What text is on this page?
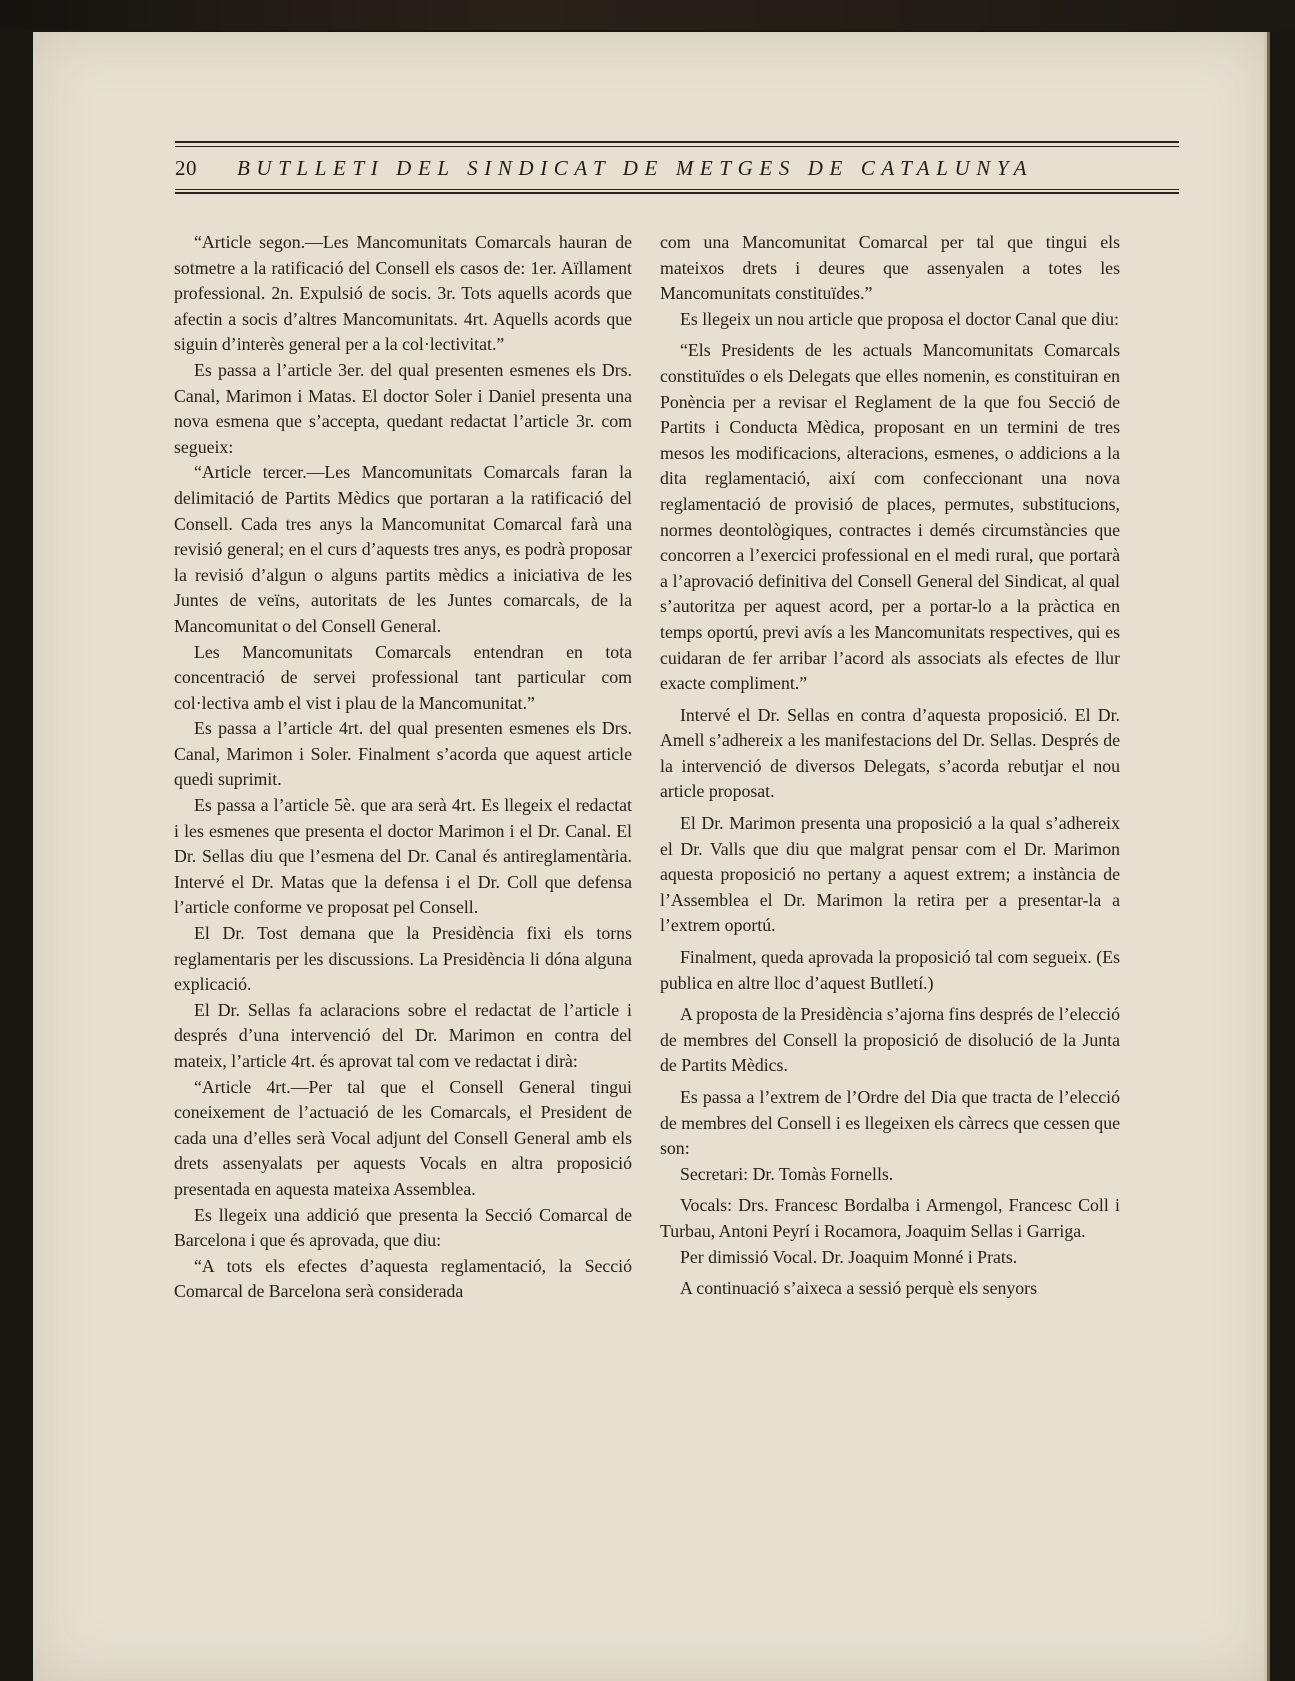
20	BUTLLETI DEL SINDICAT DE METGES DE CATALUNYA

“Article segon.—Les Mancomunitats Comarcals hauran de sotmetre a la ratificació del Consell els casos de: 1er. Aïllament professional. 2n. Expulsió de socis. 3r. Tots aquells acords que afectin a socis d’altres Mancomunitats. 4rt. Aquells acords que siguin d’interès general per a la col·lectivitat.”

Es passa a l’article 3er. del qual presenten esmenes els Drs. Canal, Marimon i Matas. El doctor Soler i Daniel presenta una nova esmena que s’accepta, quedant redactat l’article 3r. com segueix:

“Article tercer.—Les Mancomunitats Comarcals faran la delimitació de Partits Mèdics que portaran a la ratificació del Consell. Cada tres anys la Mancomunitat Comarcal farà una revisió general; en el curs d’aquests tres anys, es podrà proposar la revisió d’algun o alguns partits mèdics a iniciativa de les Juntes de veïns, autoritats de les Juntes comarcals, de la Mancomunitat o del Consell General.

Les Mancomunitats Comarcals entendran en tota concentració de servei professional tant particular com col·lectiva amb el vist i plau de la Mancomunitat.”

Es passa a l’article 4rt. del qual presenten esmenes els Drs. Canal, Marimon i Soler. Finalment s’acorda que aquest article quedi suprimit.

Es passa a l’article 5è. que ara serà 4rt. Es llegeix el redactat i les esmenes que presenta el doctor Marimon i el Dr. Canal. El Dr. Sellas diu que l’esmena del Dr. Canal és antireglamentària. Intervé el Dr. Matas que la defensa i el Dr. Coll que defensa l’article conforme ve proposat pel Consell.

El Dr. Tost demana que la Presidència fixi els torns reglamentaris per les discussions. La Presidència li dóna alguna explicació.

El Dr. Sellas fa aclaracions sobre el redactat de l’article i després d’una intervenció del Dr. Marimon en contra del mateix, l’article 4rt. és aprovat tal com ve redactat i dirà:

“Article 4rt.—Per tal que el Consell General tingui coneixement de l’actuació de les Comarcals, el President de cada una d’elles serà Vocal adjunt del Consell General amb els drets assenyalats per aquests Vocals en altra proposició presentada en aquesta mateixa Assemblea.

Es llegeix una addició que presenta la Secció Comarcal de Barcelona i que és aprovada, que diu:

“A tots els efectes d’aquesta reglamentació, la Secció Comarcal de Barcelona serà considerada

com una Mancomunitat Comarcal per tal que tingui els mateixos drets i deures que assenyalen a totes les Mancomunitats constituïdes.”

Es llegeix un nou article que proposa el doctor Canal que diu:

“Els Presidents de les actuals Mancomunitats Comarcals constituïdes o els Delegats que elles nomenin, es constituiran en Ponència per a revisar el Reglament de la que fou Secció de Partits i Conducta Mèdica, proposant en un termini de tres mesos les modificacions, alteracions, esmenes, o addicions a la dita reglamentació, així com confeccionant una nova reglamentació de provisió de places, permutes, substitucions, normes deontològiques, contractes i demés circumstàncies que concorren a l’exercici professional en el medi rural, que portarà a l’aprovació definitiva del Consell General del Sindicat, al qual s’autoritza per aquest acord, per a portar-lo a la pràctica en temps oportú, previ avís a les Mancomunitats respectives, qui es cuidaran de fer arribar l’acord als associats als efectes de llur exacte compliment.”

Intervé el Dr. Sellas en contra d’aquesta proposició. El Dr. Amell s’adhereix a les manifestacions del Dr. Sellas. Després de la intervenció de diversos Delegats, s’acorda rebutjar el nou article proposat.

El Dr. Marimon presenta una proposició a la qual s’adhereix el Dr. Valls que diu que malgrat pensar com el Dr. Marimon aquesta proposició no pertany a aquest extrem; a instància de l’Assemblea el Dr. Marimon la retira per a presentar-la a l’extrem oportú.

Finalment, queda aprovada la proposició tal com segueix. (Es publica en altre lloc d’aquest Butlletí.)

A proposta de la Presidència s’ajorna fins després de l’elecció de membres del Consell la proposició de disolució de la Junta de Partits Mèdics.

Es passa a l’extrem de l’Ordre del Dia que tracta de l’elecció de membres del Consell i es llegeixen els càrrecs que cessen que son:

Secretari: Dr. Tomàs Fornells.

Vocals: Drs. Francesc Bordalba i Armengol, Francesc Coll i Turbau, Antoni Peyrí i Rocamora, Joaquim Sellas i Garriga.

Per dimissió Vocal. Dr. Joaquim Monné i Prats.

A continuació s’aixeca a sessió perquè els senyors
